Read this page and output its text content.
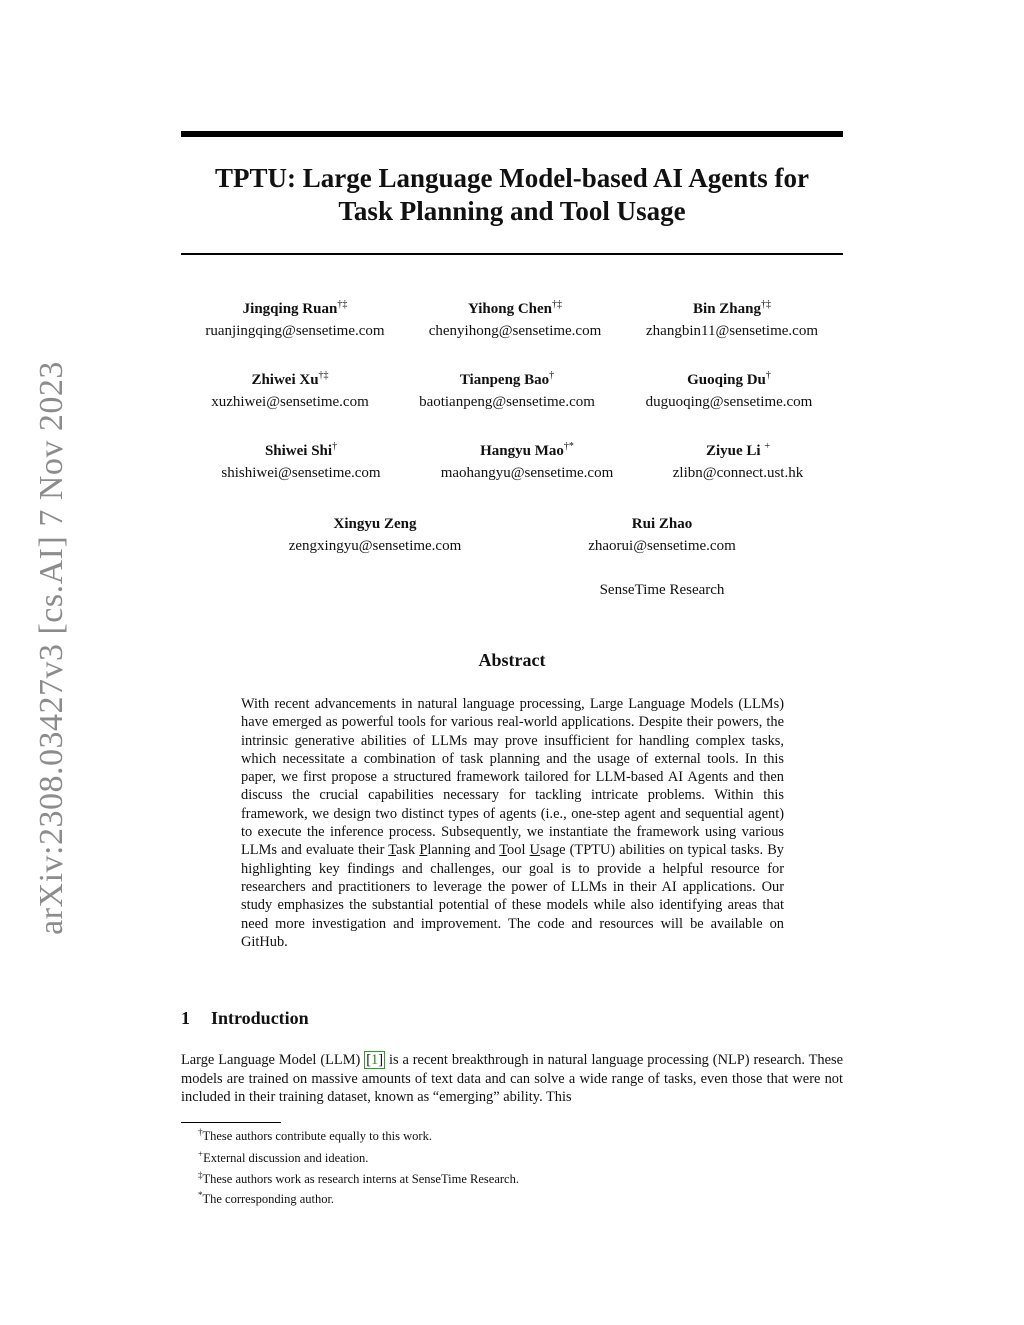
arXiv:2308.03427v3 [cs.AI] 7 Nov 2023
TPTU: Large Language Model-based AI Agents for
Task Planning and Tool Usage
Jingqing Ruan†‡
ruanjingqing@sensetime.com
Yihong Chen†‡
chenyihong@sensetime.com
Bin Zhang†‡
zhangbin11@sensetime.com
Zhiwei Xu†‡
xuzhiwei@sensetime.com
Tianpeng Bao†
baotianpeng@sensetime.com
Guoqing Du†
duguoqing@sensetime.com
Shiwei Shi†
shishiwei@sensetime.com
Hangyu Mao†*
maohangyu@sensetime.com
Ziyue Li +
zlibn@connect.ust.hk
Xingyu Zeng
zengxingyu@sensetime.com
Rui Zhao
zhaorui@sensetime.com
SenseTime Research
Abstract

With recent advancements in natural language processing, Large Language Models (LLMs) have emerged as powerful tools for various real-world applications. Despite their powers, the intrinsic generative abilities of LLMs may prove insufficient for handling complex tasks, which necessitate a combination of task planning and the usage of external tools. In this paper, we first propose a structured framework tailored for LLM-based AI Agents and then discuss the crucial capabilities necessary for tackling intricate problems. Within this framework, we design two distinct types of agents (i.e., one-step agent and sequential agent) to execute the inference process. Subsequently, we instantiate the framework using various LLMs and evaluate their Task Planning and Tool Usage (TPTU) abilities on typical tasks. By highlighting key findings and challenges, our goal is to provide a helpful resource for researchers and practitioners to leverage the power of LLMs in their AI applications. Our study emphasizes the substantial potential of these models while also identifying areas that need more investigation and improvement. The code and resources will be available on GitHub.

1 Introduction

Large Language Model (LLM) [1] is a recent breakthrough in natural language processing (NLP) research. These models are trained on massive amounts of text data and can solve a wide range of tasks, even those that were not included in their training dataset, known as “emerging” ability. This

†These authors contribute equally to this work.
+External discussion and ideation.
‡These authors work as research interns at SenseTime Research.
*The corresponding author.
